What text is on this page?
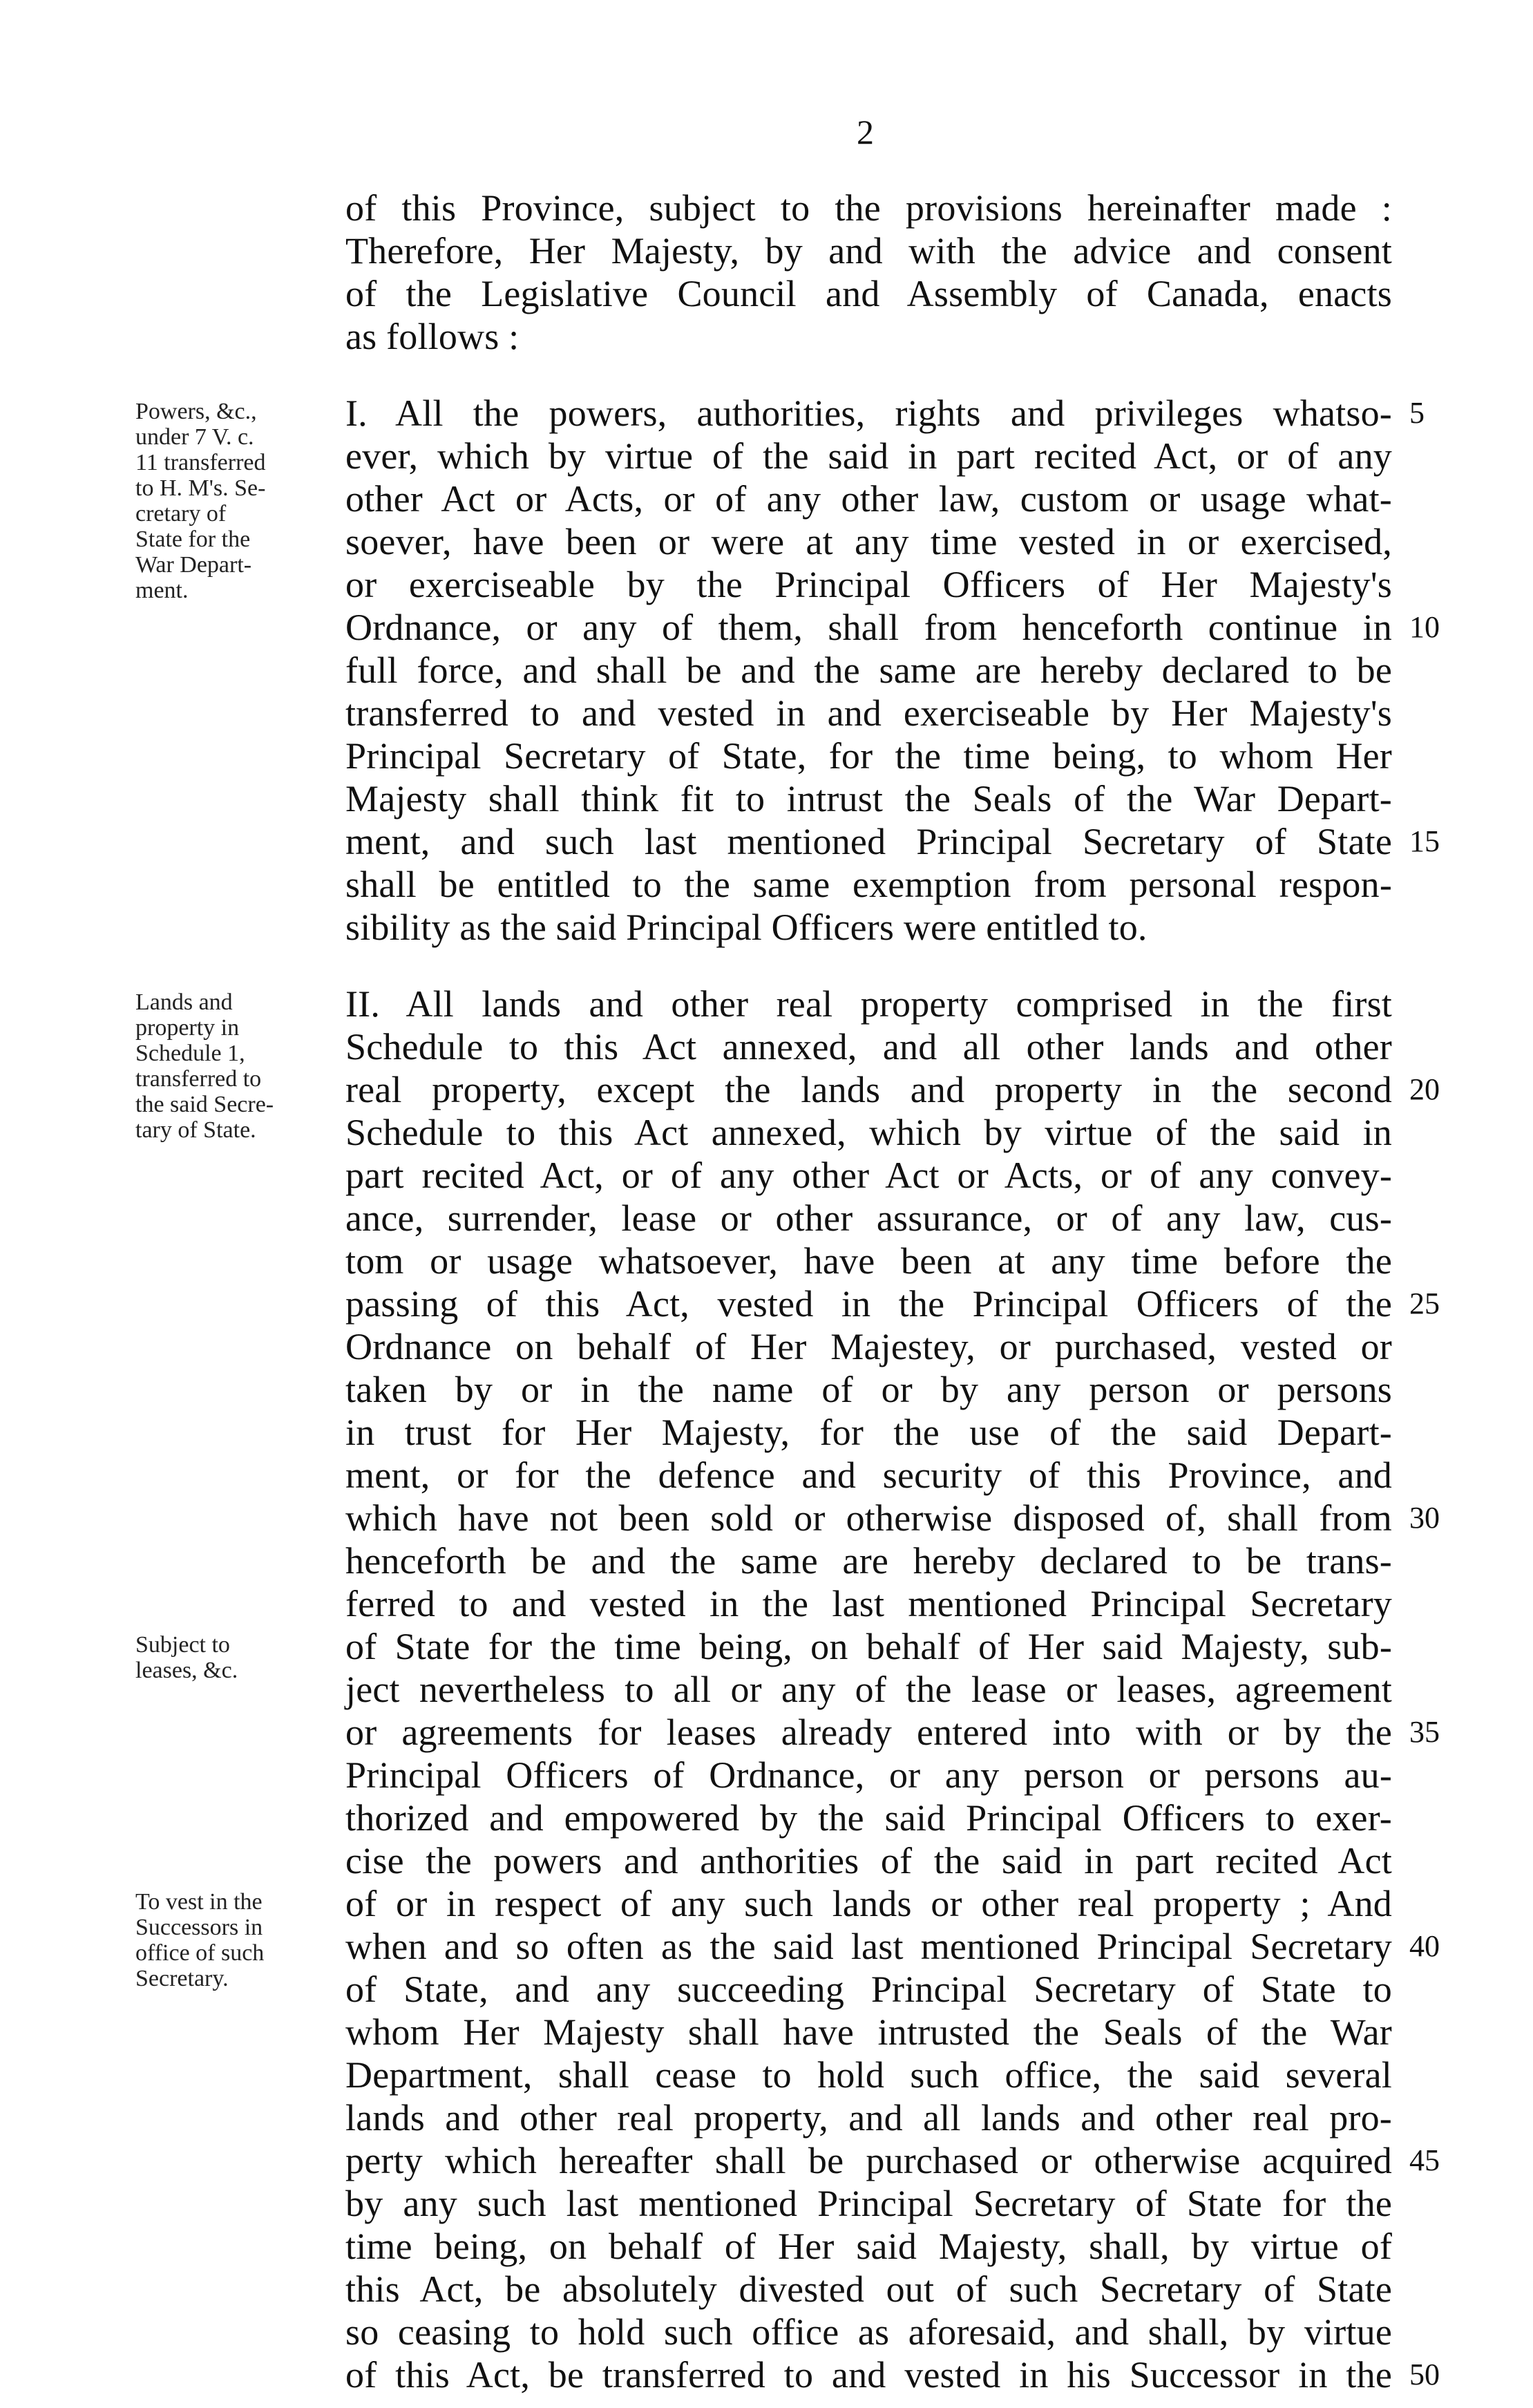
2

of this Province, subject to the provisions hereinafter made :

Therefore, Her Majesty, by and with the advice and consent

of the Legislative Council and Assembly of Canada, enacts

as follows :

I. All the powers, authorities, rights and privileges whatso-

ever, which by virtue of the said in part recited Act, or of any

other Act or Acts, or of any other law, custom or usage what-

soever, have been or were at any time vested in or exercised,

or exerciseable by the Principal Officers of Her Majesty's

Ordnance, or any of them, shall from henceforth continue in

full force, and shall be and the same are hereby declared to be

transferred to and vested in and exerciseable by Her Majesty's

Principal Secretary of State, for the time being, to whom Her

Majesty shall think fit to intrust the Seals of the War Depart-

ment, and such last mentioned Principal Secretary of State

shall be entitled to the same exemption from personal respon-

sibility as the said Principal Officers were entitled to.

II. All lands and other real property comprised in the first

Schedule to this Act annexed, and all other lands and other

real property, except the lands and property in the second

Schedule to this Act annexed, which by virtue of the said in

part recited Act, or of any other Act or Acts, or of any convey-

ance, surrender, lease or other assurance, or of any law, cus-

tom or usage whatsoever, have been at any time before the

passing of this Act, vested in the Principal Officers of the

Ordnance on behalf of Her Majestey, or purchased, vested or

taken by or in the name of or by any person or persons

in trust for Her Majesty, for the use of the said Depart-

ment, or for the defence and security of this Province, and

which have not been sold or otherwise disposed of, shall from

henceforth be and the same are hereby declared to be trans-

ferred to and vested in the last mentioned Principal Secretary

of State for the time being, on behalf of Her said Majesty, sub-

ject nevertheless to all or any of the lease or leases, agreement

or agreements for leases already entered into with or by the

Principal Officers of Ordnance, or any person or persons au-

thorized and empowered by the said Principal Officers to exer-

cise the powers and anthorities of the said in part recited Act

of or in respect of any such lands or other real property ; And

when and so often as the said last mentioned Principal Secretary

of State, and any succeeding Principal Secretary of State to

whom Her Majesty shall have intrusted the Seals of the War

Department, shall cease to hold such office, the said several

lands and other real property, and all lands and other real pro-

perty which hereafter shall be purchased or otherwise acquired

by any such last mentioned Principal Secretary of State for the

time being, on behalf of Her said Majesty, shall, by virtue of

this Act, be absolutely divested out of such Secretary of State

so ceasing to hold such office as aforesaid, and shall, by virtue

of this Act, be transferred to and vested in his Successor in the

5
10
15
20
25
30
35
40
45
50
Powers, &c.,
under 7 V. c.
11 transferred
to H. M's. Se-
cretary of
State for the
War Depart-
ment.
Lands and
property in
Schedule 1,
transferred to
the said Secre-
tary of State.
Subject to
leases, &c.
To vest in the
Successors in
office of such
Secretary.
